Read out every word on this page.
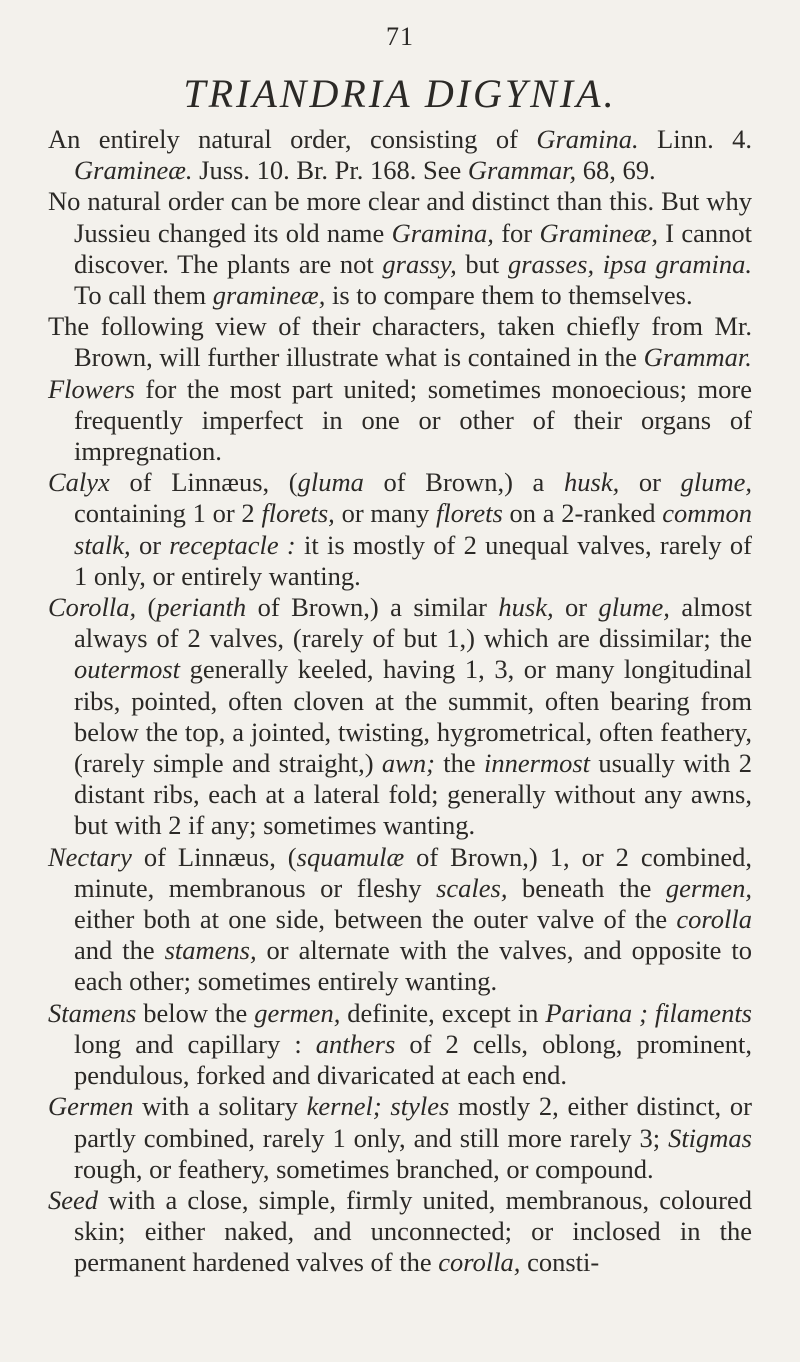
71
TRIANDRIA DIGYNIA.

An entirely natural order, consisting of Gramina. Linn. 4. Gramineæ. Juss. 10. Br. Pr. 168. See Grammar, 68, 69.

No natural order can be more clear and distinct than this. But why Jussieu changed its old name Gramina, for Gramineæ, I cannot discover. The plants are not grassy, but grasses, ipsa gramina. To call them gramineæ, is to compare them to themselves.

The following view of their characters, taken chiefly from Mr. Brown, will further illustrate what is contained in the Grammar.

Flowers for the most part united; sometimes monoecious; more frequently imperfect in one or other of their organs of impregnation.

Calyx of Linnæus, (gluma of Brown,) a husk, or glume, containing 1 or 2 florets, or many florets on a 2-ranked common stalk, or receptacle : it is mostly of 2 unequal valves, rarely of 1 only, or entirely wanting.

Corolla, (perianth of Brown,) a similar husk, or glume, almost always of 2 valves, (rarely of but 1,) which are dissimilar; the outermost generally keeled, having 1, 3, or many longitudinal ribs, pointed, often cloven at the summit, often bearing from below the top, a jointed, twisting, hygrometrical, often feathery, (rarely simple and straight,) awn; the innermost usually with 2 distant ribs, each at a lateral fold; generally without any awns, but with 2 if any; sometimes wanting.

Nectary of Linnæus, (squamulæ of Brown,) 1, or 2 combined, minute, membranous or fleshy scales, beneath the germen, either both at one side, between the outer valve of the corolla and the stamens, or alternate with the valves, and opposite to each other; sometimes entirely wanting.

Stamens below the germen, definite, except in Pariana ; filaments long and capillary : anthers of 2 cells, oblong, prominent, pendulous, forked and divaricated at each end.

Germen with a solitary kernel; styles mostly 2, either distinct, or partly combined, rarely 1 only, and still more rarely 3; Stigmas rough, or feathery, sometimes branched, or compound.

Seed with a close, simple, firmly united, membranous, coloured skin; either naked, and unconnected; or inclosed in the permanent hardened valves of the corolla, consti-
